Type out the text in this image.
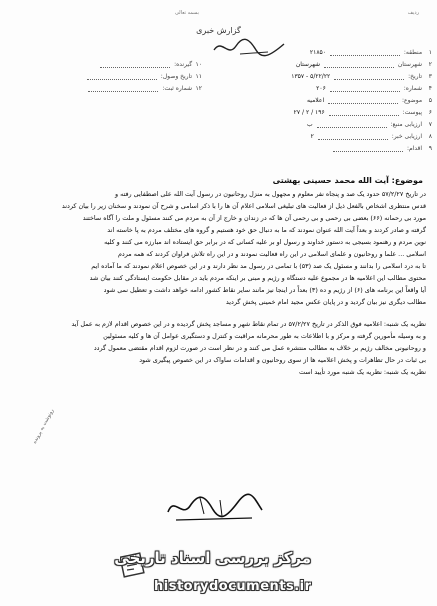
بسمه تعالى	ردیف
گزارش خبری
۱ منطقه:  ۲۱۸۵۰
۲ شهرستان  شهرستان
۳ تاریخ:  ۵/۲۲/۲۲ - ۱۳۵۷
۴ شماره:  ۲۰۶
۵ موضوع:  اعلامیه
۶ پیوست:  ۱۹۶ / ۲ / ۲۷
۷ ارزیابی منبع:  ب
۸ ارزیابی خبر:  ۲
۹ اقدام:
۱۰ گیرنده:
۱۱ تاریخ وصول:
۱۲ شماره ثبت:
موضوع: آیت الله محمد حسینی بهشتی
در تاریخ ۵۷/۲/۲۷ حدود یک صد و پنجاه نفر معلوم و مجهول به منزل روحانیون در رسول آیت الله علی اصطفایی رفته و
قدس منتظری اشخاص بالفعل ذیل از فعالیت های تبلیغی اسلامی اعلام آن ها را با ذکر اسامی و شرح آن نمودند و سخنان زیر را بیان کردند
مورد بی رحمانه (۶۶) بعضی بی رحمی و بی رحمی آن ها که در زندان و خارج از آن به مردم می کنند مسئول و ملت را آگاه ساختند
گرفته و صادر کردند و بعداً آیت الله عنوان نمودند که ما به دنبال حق خود هستیم و گروه های مختلف مردم به پا خاسته اند
نوین مردم و رهنمود بسیجی به دستور خداوند و رسول او بر علیه کسانی که در برابر حق ایستاده اند مبارزه می کنند و کلیه
اسلامی ... علما و روحانیون و علمای اسلامی در این راه فعالیت نمودند و در این راه تلاش فراوان کردند که همه مردم
تا به درد اسلامی را بدانند و مسئول یک صد (۵۳) با تمامی در رسول مد نظر دارند و در این خصوص اعلام نمودند که ما آماده ایم
محتوی مطالب این اعلامیه ها در مجموع علیه دستگاه و رژیم و مبنی بر اینکه مردم باید در مقابل حکومت ایستادگی کنند بیان شد
آیا واقعاً این برنامه های (۶) از رژیم و ده (۳) بعداً در اینجا نیز مانند سایر نقاط کشور ادامه خواهد داشت و تعطیل نمی شود
مطالب دیگری نیز بیان گردید و در پایان عکس مجید امام خمینی پخش گردید
نظریه یک شنبه: اعلامیه فوق الذکر در تاریخ ۵۷/۲/۲۷ در تمام نقاط شهر و مساجد پخش گردیده و در این خصوص اقدام لازم به عمل آید
و به وسیله مأمورین گرفته و مرکز و با اطلاعات به طور محرمانه مراقبت و کنترل و دستگیری عوامل آن ها و کلیه مسئولین
و روحانیونی مخالف رژیم بر خلاف به مطالب منتشره عمل می کنند و در نظر است در صورت لزوم اقدام مقتضی معمول گردد
بی ثبات در حال تظاهرات و پخش اعلامیه ها از سوی روحانیون و اقدامات ساواک در این خصوص پیگیری شود
نظریه یک شنبه: نظریه یک شنبه مورد تأیید است
رونوشت به پرونده
مرکز بررسی اسناد تاریخی
historydocuments.ir
